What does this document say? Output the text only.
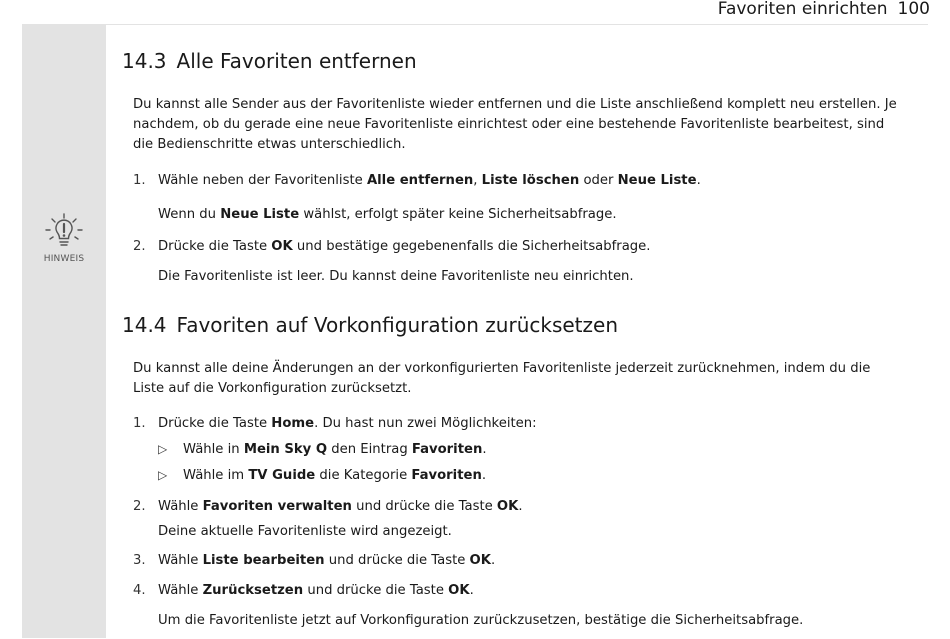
Favoriten einrichten 100
HINWEIS
14.3 Alle Favoriten entfernen
Du kannst alle Sender aus der Favoritenliste wieder entfernen und die Liste anschließend komplett neu erstellen. Je nachdem, ob du gerade eine neue Favoritenliste einrichtest oder eine bestehende Favoritenliste bearbeitest, sind die Bedienschritte etwas unterschiedlich.
1. Wähle neben der Favoritenliste Alle entfernen, Liste löschen oder Neue Liste.
Wenn du Neue Liste wählst, erfolgt später keine Sicherheitsabfrage.
2. Drücke die Taste OK und bestätige gegebenenfalls die Sicherheitsabfrage.
Die Favoritenliste ist leer. Du kannst deine Favoritenliste neu einrichten.
14.4 Favoriten auf Vorkonfiguration zurücksetzen
Du kannst alle deine Änderungen an der vorkonfigurierten Favoritenliste jederzeit zurücknehmen, indem du die Liste auf die Vorkonfiguration zurücksetzt.
1. Drücke die Taste Home. Du hast nun zwei Möglichkeiten:
▷ Wähle in Mein Sky Q den Eintrag Favoriten.
▷ Wähle im TV Guide die Kategorie Favoriten.
2. Wähle Favoriten verwalten und drücke die Taste OK.
Deine aktuelle Favoritenliste wird angezeigt.
3. Wähle Liste bearbeiten und drücke die Taste OK.
4. Wähle Zurücksetzen und drücke die Taste OK.
Um die Favoritenliste jetzt auf Vorkonfiguration zurückzusetzen, bestätige die Sicherheitsabfrage.
